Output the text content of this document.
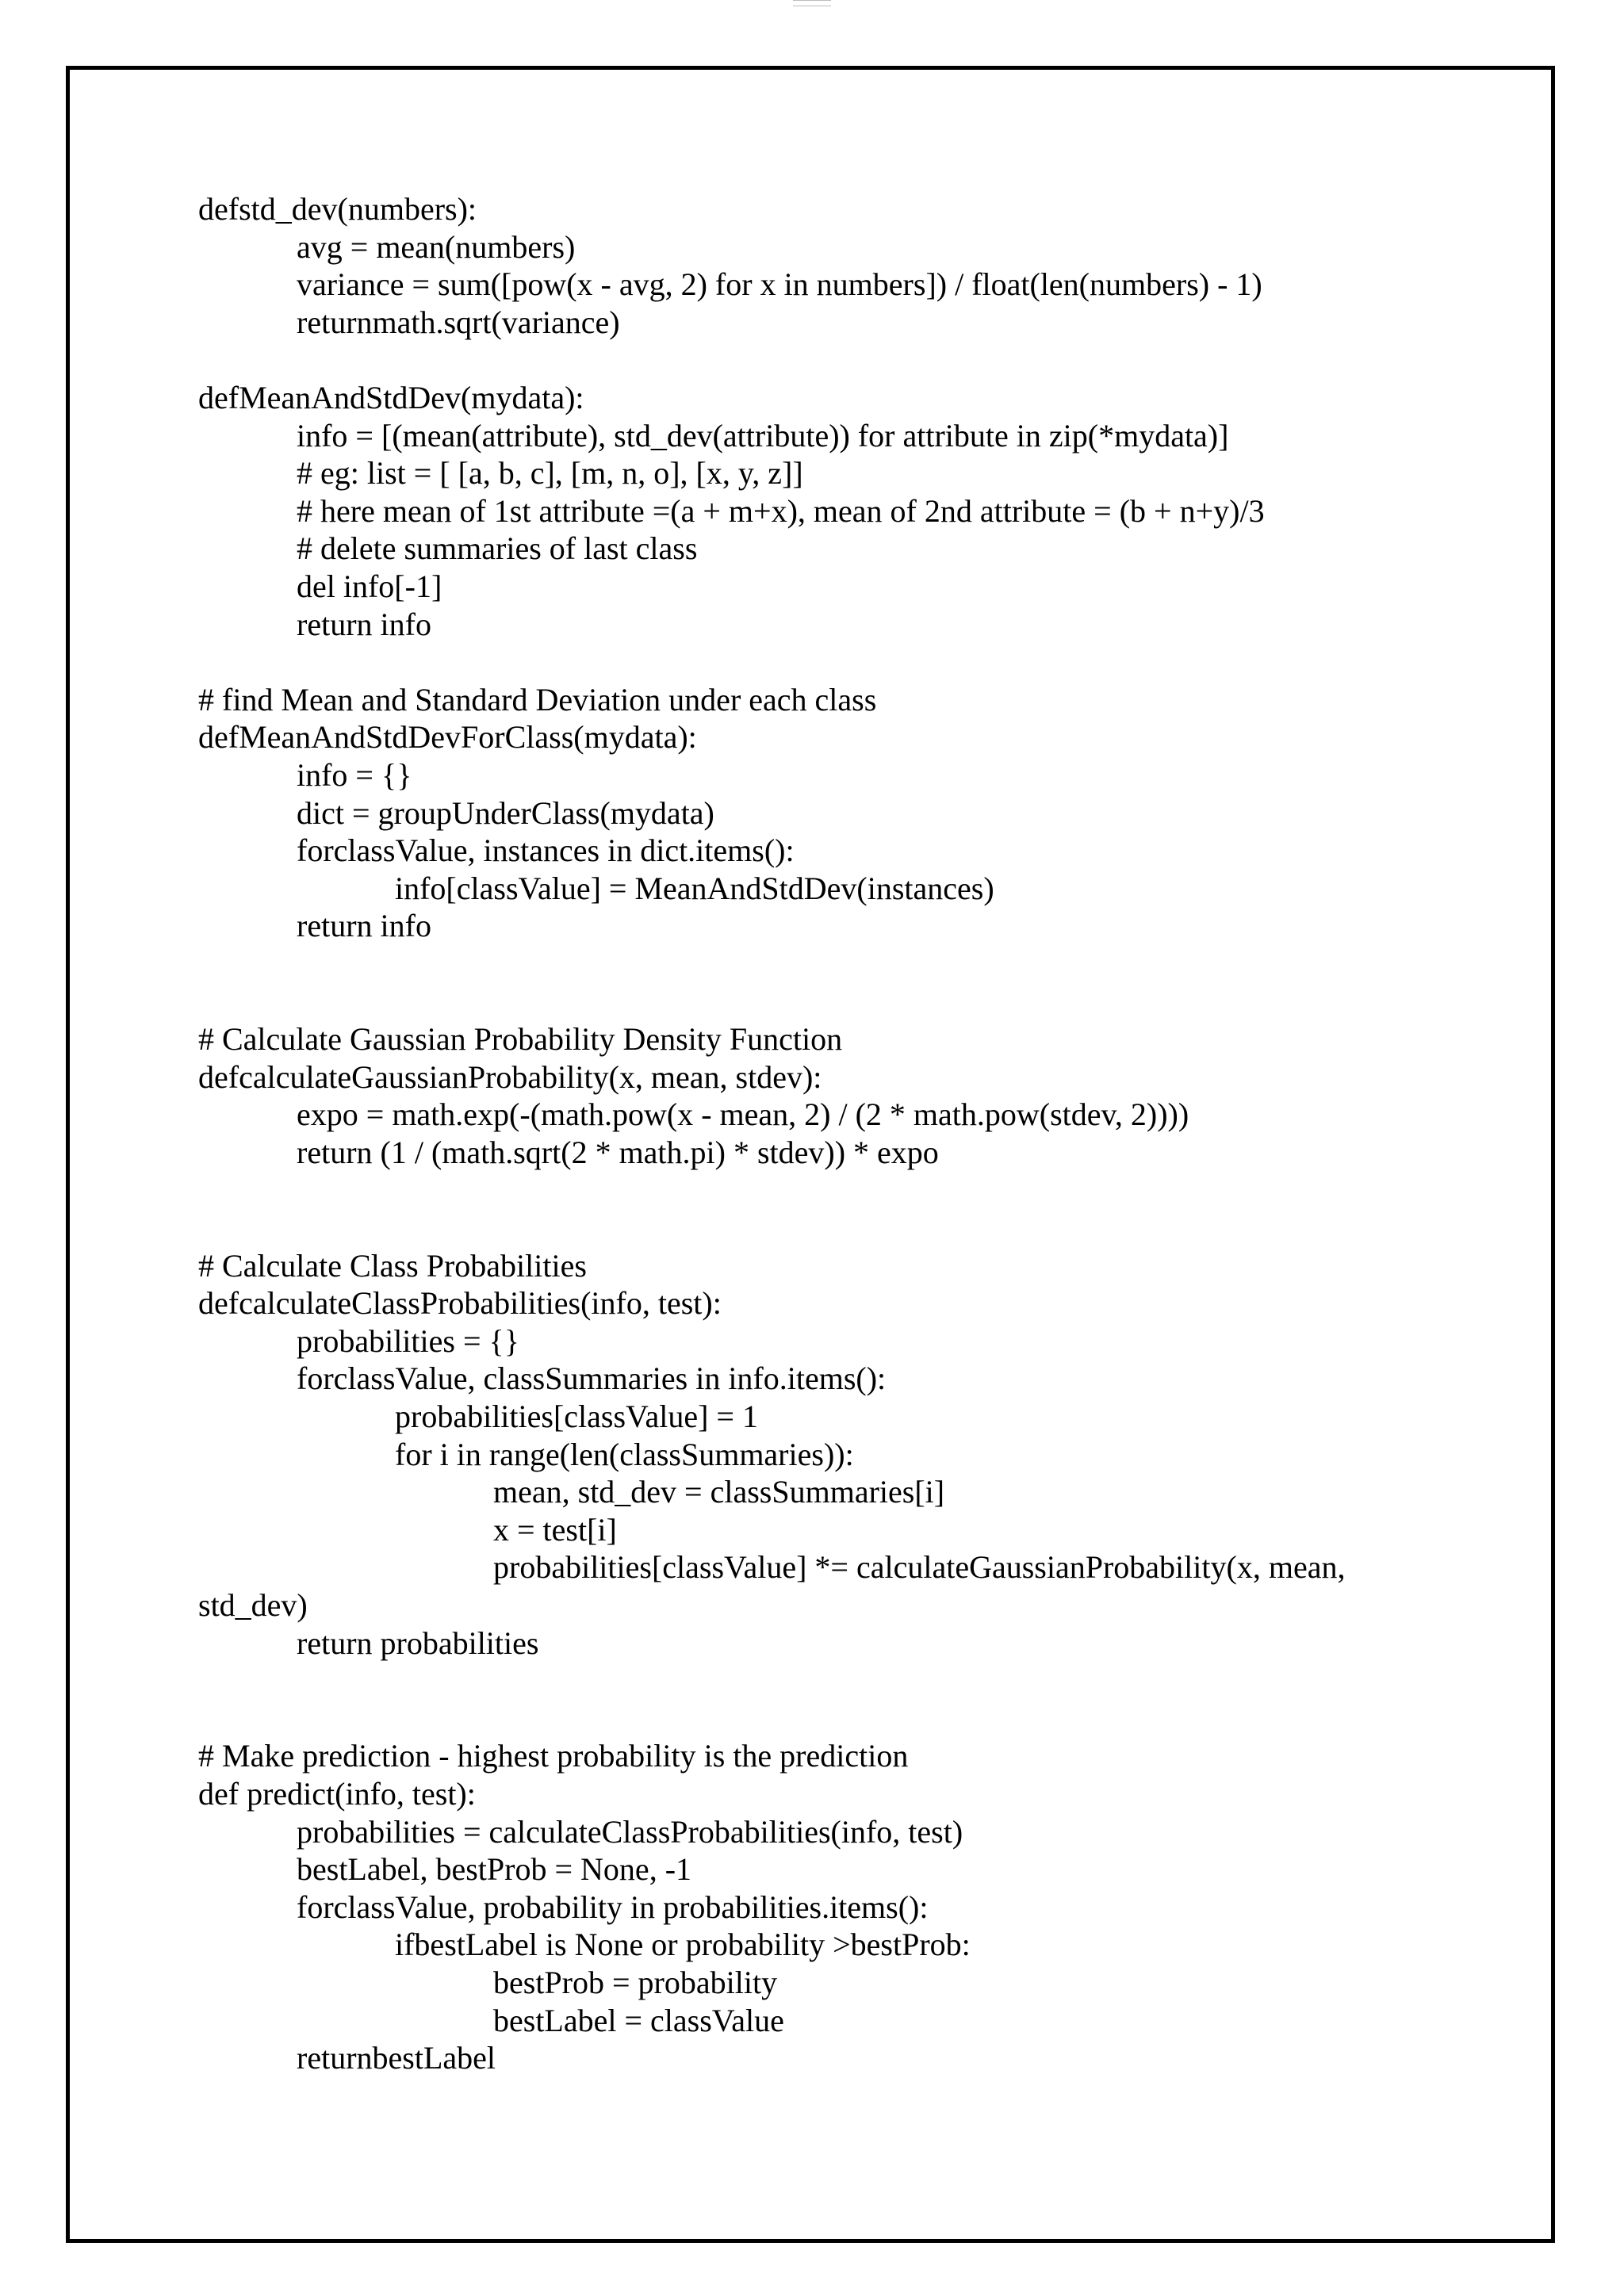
defstd_dev(numbers):
avg = mean(numbers)
variance = sum([pow(x - avg, 2) for x in numbers]) / float(len(numbers) - 1)
returnmath.sqrt(variance)
defMeanAndStdDev(mydata):
info = [(mean(attribute), std_dev(attribute)) for attribute in zip(*mydata)]
# eg: list = [ [a, b, c], [m, n, o], [x, y, z]]
# here mean of 1st attribute =(a + m+x), mean of 2nd attribute = (b + n+y)/3
# delete summaries of last class
del info[-1]
return info
# find Mean and Standard Deviation under each class
defMeanAndStdDevForClass(mydata):
info = {}
dict = groupUnderClass(mydata)
forclassValue, instances in dict.items():
info[classValue] = MeanAndStdDev(instances)
return info
# Calculate Gaussian Probability Density Function
defcalculateGaussianProbability(x, mean, stdev):
expo = math.exp(-(math.pow(x - mean, 2) / (2 * math.pow(stdev, 2))))
return (1 / (math.sqrt(2 * math.pi) * stdev)) * expo
# Calculate Class Probabilities
defcalculateClassProbabilities(info, test):
probabilities = {}
forclassValue, classSummaries in info.items():
probabilities[classValue] = 1
for i in range(len(classSummaries)):
mean, std_dev = classSummaries[i]
x = test[i]
probabilities[classValue] *= calculateGaussianProbability(x, mean,
std_dev)
return probabilities
# Make prediction - highest probability is the prediction
def predict(info, test):
probabilities = calculateClassProbabilities(info, test)
bestLabel, bestProb = None, -1
forclassValue, probability in probabilities.items():
ifbestLabel is None or probability >bestProb:
bestProb = probability
bestLabel = classValue
returnbestLabel
